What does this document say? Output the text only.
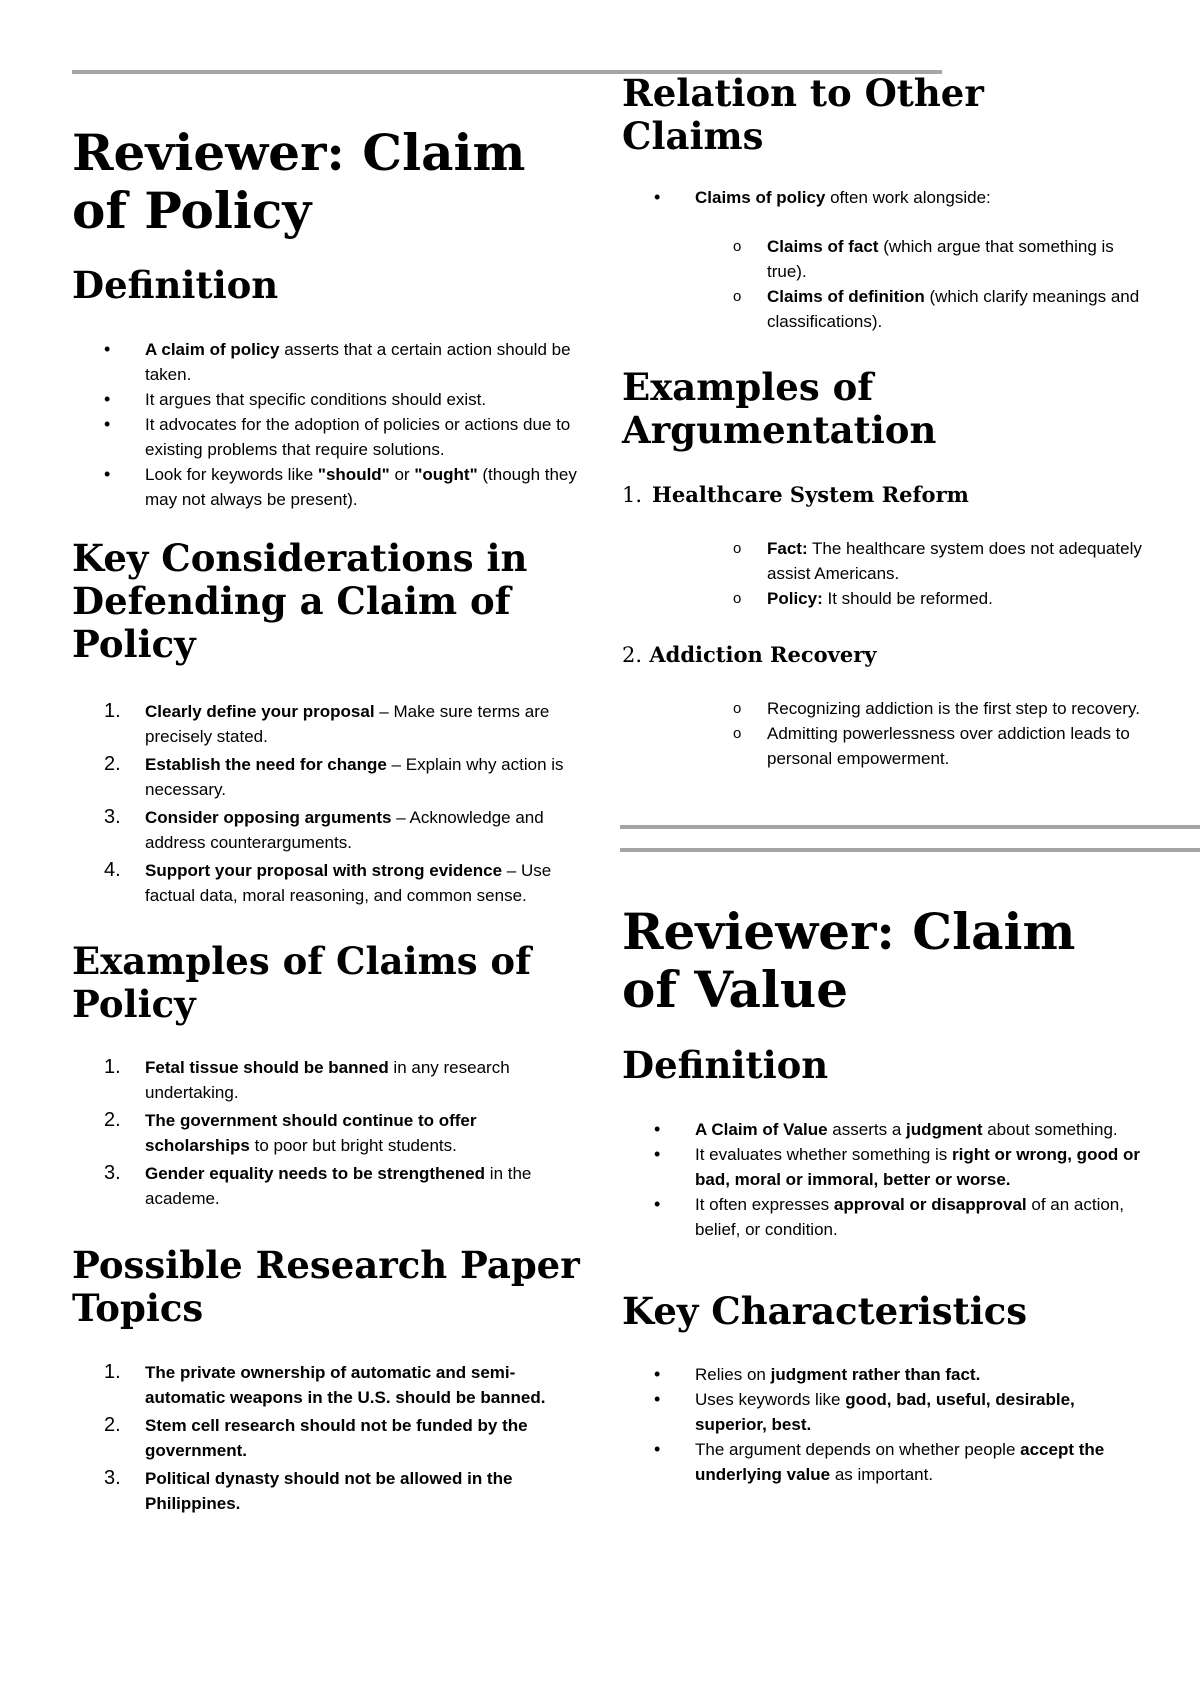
Reviewer: Claim of Policy
Definition
• A claim of policy asserts that a certain action should be taken.
• It argues that specific conditions should exist.
• It advocates for the adoption of policies or actions due to existing problems that require solutions.
• Look for keywords like "should" or "ought" (though they may not always be present).
Key Considerations in Defending a Claim of Policy
1. Clearly define your proposal – Make sure terms are precisely stated.
2. Establish the need for change – Explain why action is necessary.
3. Consider opposing arguments – Acknowledge and address counterarguments.
4. Support your proposal with strong evidence – Use factual data, moral reasoning, and common sense.
Examples of Claims of Policy
1. Fetal tissue should be banned in any research undertaking.
2. The government should continue to offer scholarships to poor but bright students.
3. Gender equality needs to be strengthened in the academe.
Possible Research Paper Topics
1. The private ownership of automatic and semi-automatic weapons in the U.S. should be banned.
2. Stem cell research should not be funded by the government.
3. Political dynasty should not be allowed in the Philippines.
Relation to Other Claims
• Claims of policy often work alongside:
o Claims of fact (which argue that something is true).
o Claims of definition (which clarify meanings and classifications).
Examples of Argumentation
1. Healthcare System Reform
o Fact: The healthcare system does not adequately assist Americans.
o Policy: It should be reformed.
2. Addiction Recovery
o Recognizing addiction is the first step to recovery.
o Admitting powerlessness over addiction leads to personal empowerment.
Reviewer: Claim of Value
Definition
• A Claim of Value asserts a judgment about something.
• It evaluates whether something is right or wrong, good or bad, moral or immoral, better or worse.
• It often expresses approval or disapproval of an action, belief, or condition.
Key Characteristics
• Relies on judgment rather than fact.
• Uses keywords like good, bad, useful, desirable, superior, best.
• The argument depends on whether people accept the underlying value as important.
